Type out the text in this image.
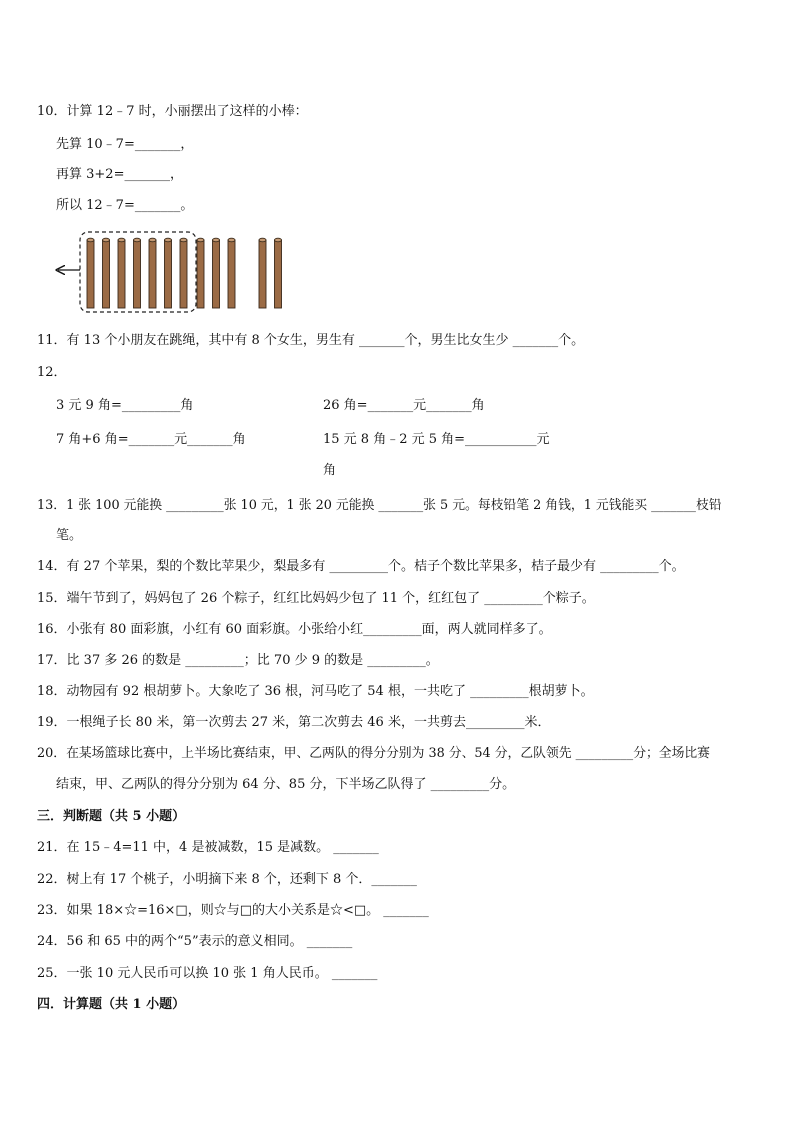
10．计算 12﹣7 时，小丽摆出了这样的小棒：
先算 10﹣7=_______，
再算 3+2=_______，
所以 12﹣7=_______。
11．有 13 个小朋友在跳绳，其中有 8 个女生，男生有 _______个，男生比女生少 _______个。
12．
3 元 9 角=_________角	26 角=_______元_______角
7 角+6 角=_______元_______角	15 元 8 角﹣2 元 5 角=___________元
角
13．1 张 100 元能换 _________张 10 元，1 张 20 元能换 _______张 5 元。每枝铅笔 2 角钱，1 元钱能买 _______枝铅
笔。
14．有 27 个苹果，梨的个数比苹果少，梨最多有 _________个。桔子个数比苹果多，桔子最少有 _________个。
15．端午节到了，妈妈包了 26 个粽子，红红比妈妈少包了 11 个，红红包了 _________个粽子。
16．小张有 80 面彩旗，小红有 60 面彩旗。小张给小红_________面，两人就同样多了。
17．比 37 多 26 的数是 _________；比 70 少 9 的数是 _________。
18．动物园有 92 根胡萝卜。大象吃了 36 根，河马吃了 54 根，一共吃了 _________根胡萝卜。
19．一根绳子长 80 米，第一次剪去 27 米，第二次剪去 46 米，一共剪去_________米．
20．在某场篮球比赛中，上半场比赛结束，甲、乙两队的得分分别为 38 分、54 分，乙队领先 _________分；全场比赛
结束，甲、乙两队的得分分别为 64 分、85 分，下半场乙队得了 _________分。
三．判断题（共 5 小题）
21．在 15﹣4=11 中，4 是被减数，15 是减数。 _______
22．树上有 17 个桃子，小明摘下来 8 个，还剩下 8 个．_______
23．如果 18×☆=16×□，则☆与□的大小关系是☆<□。 _______
24．56 和 65 中的两个“5”表示的意义相同。 _______
25．一张 10 元人民币可以换 10 张 1 角人民币。 _______
四．计算题（共 1 小题）
